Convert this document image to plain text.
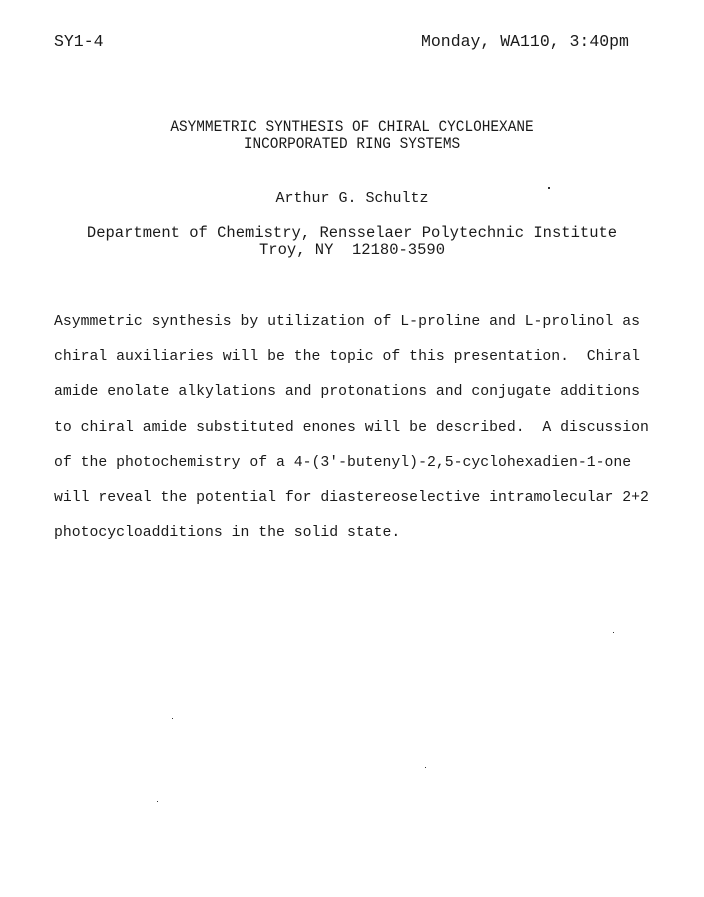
SY1-4	Monday, WA110, 3:40pm
ASYMMETRIC SYNTHESIS OF CHIRAL CYCLOHEXANE
INCORPORATED RING SYSTEMS
Arthur G. Schultz
Department of Chemistry, Rensselaer Polytechnic Institute
Troy, NY  12180-3590
Asymmetric synthesis by utilization of L-proline and L-prolinol as
chiral auxiliaries will be the topic of this presentation.  Chiral
amide enolate alkylations and protonations and conjugate additions
to chiral amide substituted enones will be described.  A discussion
of the photochemistry of a 4-(3'-butenyl)-2,5-cyclohexadien-1-one
will reveal the potential for diastereoselective intramolecular 2+2
photocycloadditions in the solid state.
